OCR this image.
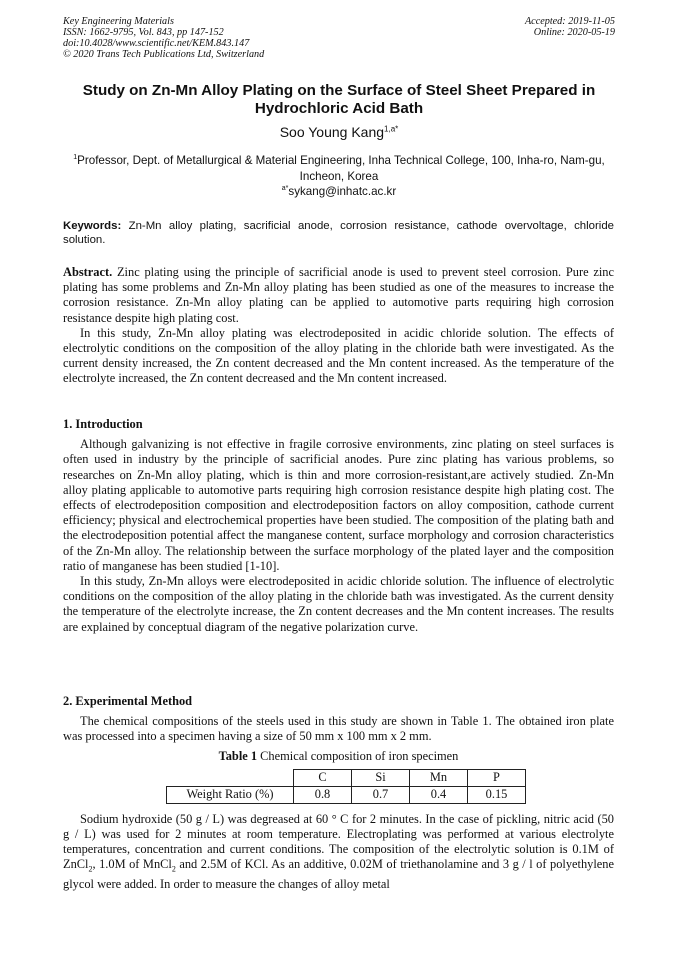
Key Engineering Materials
ISSN: 1662-9795, Vol. 843, pp 147-152
doi:10.4028/www.scientific.net/KEM.843.147
© 2020 Trans Tech Publications Ltd, Switzerland
Accepted: 2019-11-05
Online: 2020-05-19
Study on Zn-Mn Alloy Plating on the Surface of Steel Sheet Prepared in Hydrochloric Acid Bath
Soo Young Kang$^{1,a*}$
$^1$Professor, Dept. of Metallurgical & Material Engineering, Inha Technical College, 100, Inha-ro, Nam-gu, Incheon, Korea
$^{a*}$sykang@inhatc.ac.kr
Keywords: Zn-Mn alloy plating, sacrificial anode, corrosion resistance, cathode overvoltage, chloride solution.

Abstract. Zinc plating using the principle of sacrificial anode is used to prevent steel corrosion. Pure zinc plating has some problems and Zn-Mn alloy plating has been studied as one of the measures to increase the corrosion resistance. Zn-Mn alloy plating can be applied to automotive parts requiring high corrosion resistance despite high plating cost.

In this study, Zn-Mn alloy plating was electrodeposited in acidic chloride solution. The effects of electrolytic conditions on the composition of the alloy plating in the chloride bath were investigated. As the current density increased, the Zn content decreased and the Mn content increased. As the temperature of the electrolyte increased, the Zn content decreased and the Mn content increased.

1. Introduction

Although galvanizing is not effective in fragile corrosive environments, zinc plating on steel surfaces is often used in industry by the principle of sacrificial anodes. Pure zinc plating has various problems, so researches on Zn-Mn alloy plating, which is thin and more corrosion-resistant,are actively studied. Zn-Mn alloy plating applicable to automotive parts requiring high corrosion resistance despite high plating cost. The effects of electrodeposition composition and electrodeposition factors on alloy composition, cathode current efficiency; physical and electrochemical properties have been studied. The composition of the plating bath and the electrodeposition potential affect the manganese content, surface morphology and corrosion characteristics of the Zn-Mn alloy. The relationship between the surface morphology of the plated layer and the composition ratio of manganese has been studied [1-10].

In this study, Zn-Mn alloys were electrodeposited in acidic chloride solution. The influence of electrolytic conditions on the composition of the alloy plating in the chloride bath was investigated. As the current density the temperature of the electrolyte increase, the Zn content decreases and the Mn content increases. The results are explained by conceptual diagram of the negative polarization curve.

2. Experimental Method

The chemical compositions of the steels used in this study are shown in Table 1. The obtained iron plate was processed into a specimen having a size of 50 mm x 100 mm x 2 mm.

Table 1 Chemical composition of iron specimen
	C	Si	Mn	P
Weight Ratio (%)	0.8	0.7	0.4	0.15

Sodium hydroxide (50 g / L) was degreased at 60 ° C for 2 minutes. In the case of pickling, nitric acid (50 g / L) was used for 2 minutes at room temperature. Electroplating was performed at various electrolyte temperatures, concentration and current conditions. The composition of the electrolytic solution is 0.1M of ZnCl$_2$, 1.0M of MnCl$_2$ and 2.5M of KCl. As an additive, 0.02M of triethanolamine and 3 g / l of polyethylene glycol were added. In order to measure the changes of alloy metal
